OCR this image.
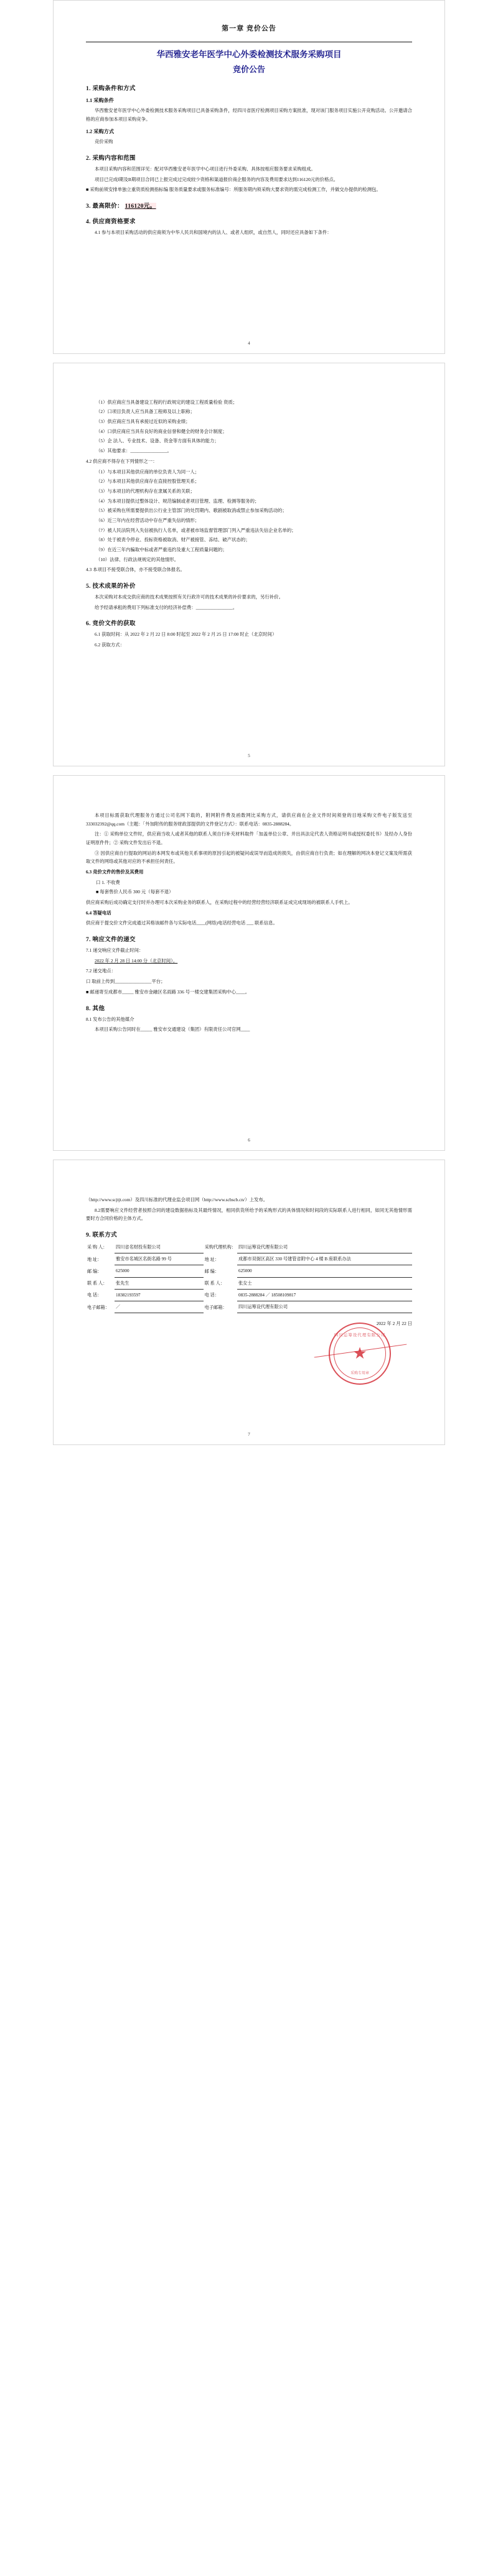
第一章 竞价公告
华西雅安老年医学中心外委检测技术服务采购项目
竞价公告
1. 采购条件和方式
1.1 采购条件

华西雅安老年医学中心外委检测技术服务采购项目已具备采购条件，经四川省医疗检测项目采购方案批准，现对该门服务项目实施公开竞购活动。公开邀请合格的应商参加本项目采购竞争。

1.2 采购方式

竞价采购

2. 采购内容和范围

本项目采购内容和范围详见：配对华西雅安老年医学中心项目进行外委采购、具体按相应服务要求采购组成。

项目已完成Ⅰ期及B期项目合同已上报完成过完成较少资格和渠道报价商企服务的内容及费用要求达到116120元的价格点。

■ 采购前须安排单独立重资质检测指标编 服务质量要求或服务标准编号：所服务期内须采购大要求资的需完成检测工作，并做交办提供的检测包。

3. 最高限价： 116120元。
4. 供应商资格要求

4.1 参与本项目采购活动的供应商须为中华人民共和国境内的法人、或者人组织，或自然人，同时还应具备如下条件：

4

（1）供应商应当具备建设工程的行政规定的建设工程质量检验 资质；

（2）口项目负责人应当具备工程师及以上职称；

（3）供应商应当具有承接过近似的采购业绩；

（4）口供应商应当具有良好的商业信誉和健全的财务会计制度；

（5）企 法人、专业技术、设备、资金等方面有具体的能力；

（6）其他要求：________________。

4.2 供应商不得存在下列情形之一：

（1）与本项目其他供应商的单位负责人为同一人；

（2）与本项目其他供应商存在直接控股管理关系；

（3）与本项目的代理机构存在隶属关系的关联；

（4）为本项目提供过整体设计、规范编制或者项目管理、监理、检测等服务的；

（5）被采购在所需要提供出公行业主管部门的处罚期内、歌剧被取消或禁止参加采购活动的；

（6）近三年内在经营活动中存在严重失信的情形；

（7）被人民法院列入失信被执行人名单，或者被市场监督管理部门列入严重违法失信企业名单的；

（8）处于被责令停业、投标资格被取消、财产被接管、冻结、破产状态的；

（9）在近三年内骗取中标或者严重违约及重大工程质量问题的；

（10）法律、行政法规规定的其他情形。

4.3 本项目不接受联合体，亦不接受联合体报名。

5. 技术成果的补价

本次采购对本成交供应商的技术成果按照有关行政许可的技术成果的补价要求的，另行补价。

给予经请承租的费用下列标准支付的经济补偿费：________________。

6. 竞价文件的获取

6.1 获取时间：从 2022 年 2 月 22 日 8:00 时起至 2022 年 2 月 25 日 17:00 时止（北京时间）

6.2 获取方式：

5

本项目标需获取代理服务方通过公司名网下载的，附网附件费及函数网比采购方式，请供应商在企业文件时间须登的目地采购文件电子版发送至 333032392@qq.com（主题：「外加附传的服务财政部提供的文件登记方式）：联系电话：0835-2888284。

注：① 采购单位文件时，供应商当收人或者其他的联系人须自行补充材料取件「加盖单位公章、并出具法定代表人资格证明书或授权委托书）及经办人身份证明原件件；② 采购文件发出后不退。

③ 因供应商自行提取的网站的本网发布或其他关系事项的原因引起的被疑问或误导而造成的损失，由供应商自行负责；如在理解的网决本登记文案及所需获取文件的网络或其他对应的不承担任何责任。

6.3 竞价文件的售价及其费用

口 1. 不收费

■ 每套售价人民币 300 元（每套不退）

供应商采购后成功确定支付时并办理可本次采购业务的联系人，在采购过程中的经营经营经济联系证成完成现场的被联系人手机上。

6.4 答疑电话

供应商于提交价文件完成通过其格该邮件各与实际电话____(网络)电话经营电话 ___ 联系信息。

7. 响应文件的递交

7.1 递交响应文件截止时间：

2022 年 2 月 28 日 14:00 分（北京时间）。

7.2 递交地点：

口 取前上传到________________平台；

■ 邮递寄至成都市_____ 雅安市金融区名雨路 336 号一楼交建集团采购中心____。

8. 其他

8.1 发布公告的其他媒介

本项目采购公告同时在_____ 雅安市交通建设（集团）有限责任公司官网____

6

（http://www.scjtjt.com）及四川标准的代理业监会项目网（http://www.scbscb.cn/）上发布。

8.2需要响应文件经营者按照合同的建设数据指标及其最终情况，相同供货所给予的采购形式的具体情况和时间段的实际联系人进行相同，如同无其他情形需要时方合同价格的主体方式。

9. 联系方式
采 购 人：	四川省名财投有限公司	采购代理机构：	四川运筹设代理有限公司
地 址：	雅安市名城区名街名路 99 号	地 址：	成都市双街区高区 330 号建管省附中心 4 楼 B 座联系办法
邮 编：	625000	邮 编：	625000
联 系 人：	张先生	联 系 人：	张女士
电 话：	18382193597	电 话：	0835-2888284 ／ 18508109817
电子邮箱：	／	电子邮箱：	四川运筹设代理有限公司

2022 年 2 月 22 日

四川运筹设代理有限公司
★
采购专用章
7
